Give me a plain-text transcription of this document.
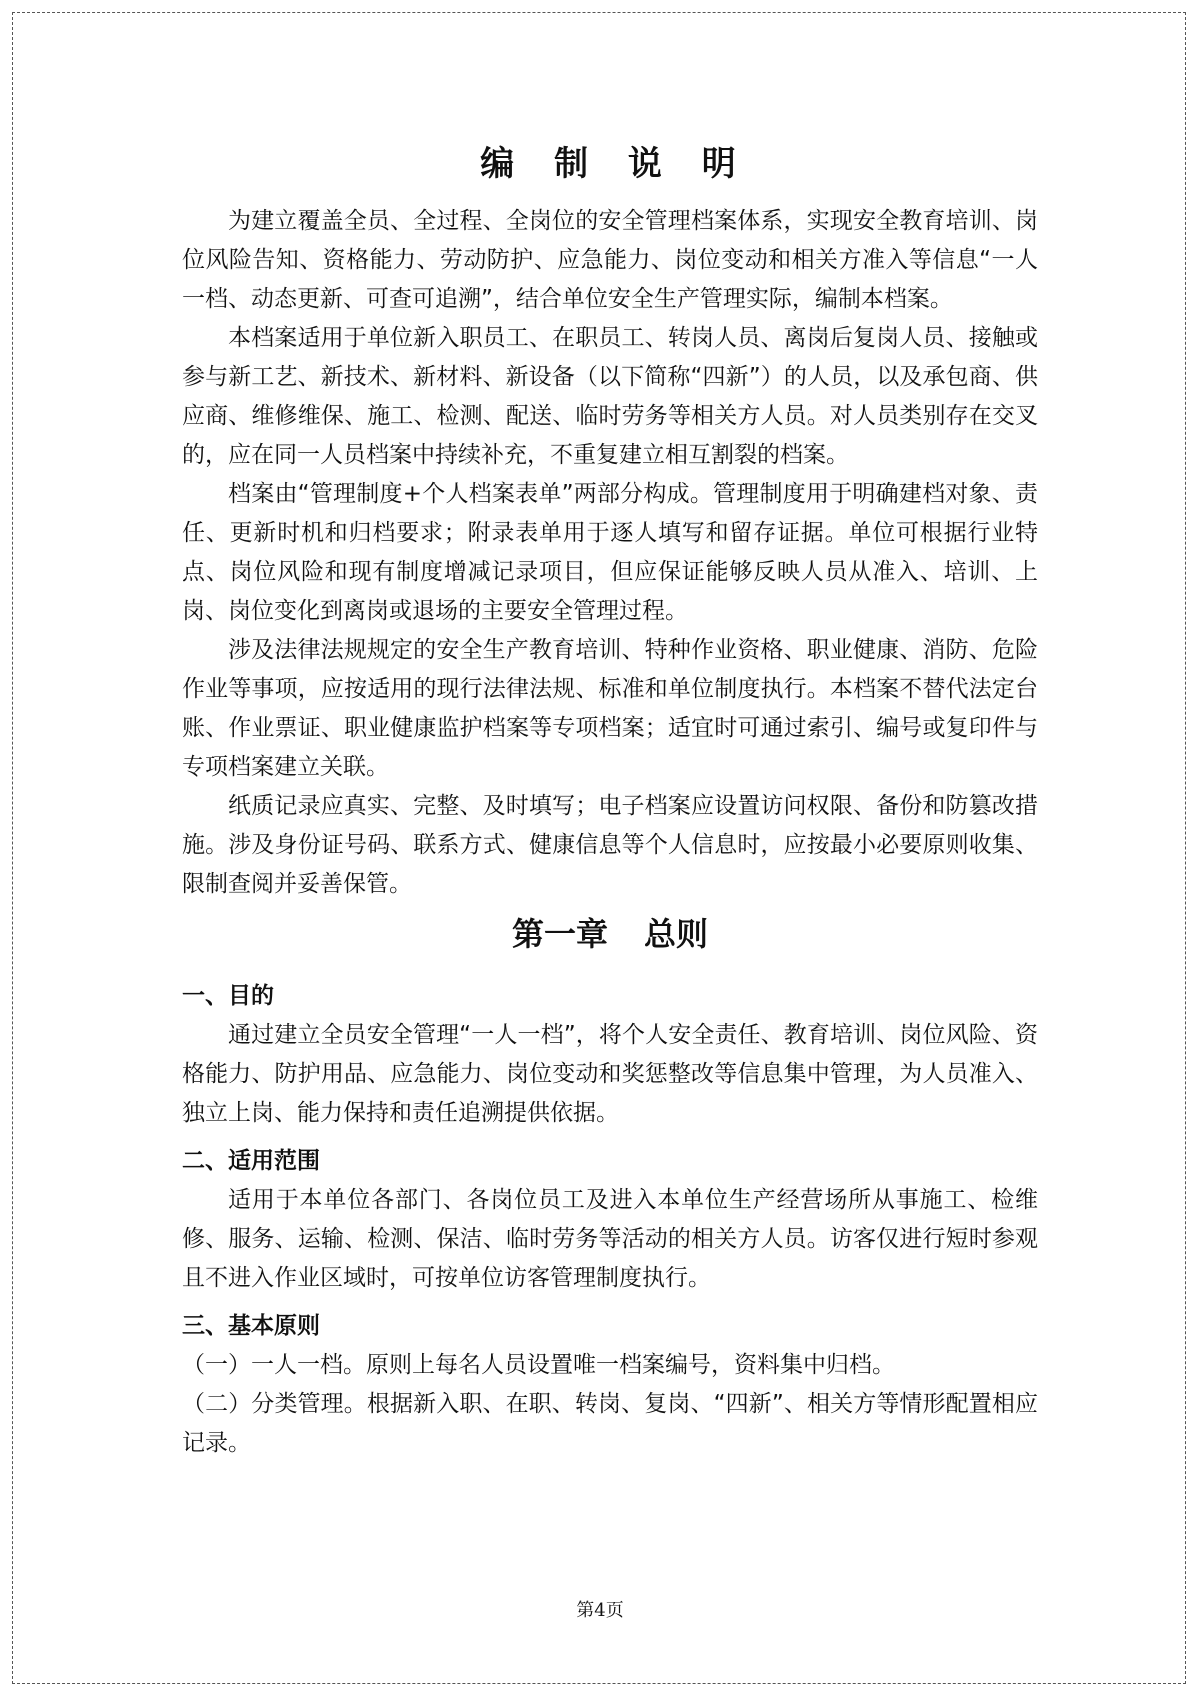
编 制 说 明

为建立覆盖全员、全过程、全岗位的安全管理档案体系，实现安全教育培训、岗位风险告知、资格能力、劳动防护、应急能力、岗位变动和相关方准入等信息“一人一档、动态更新、可查可追溯”，结合单位安全生产管理实际，编制本档案。

本档案适用于单位新入职员工、在职员工、转岗人员、离岗后复岗人员、接触或参与新工艺、新技术、新材料、新设备（以下简称“四新”）的人员，以及承包商、供应商、维修维保、施工、检测、配送、临时劳务等相关方人员。对人员类别存在交叉的，应在同一人员档案中持续补充，不重复建立相互割裂的档案。

档案由“管理制度+个人档案表单”两部分构成。管理制度用于明确建档对象、责任、更新时机和归档要求；附录表单用于逐人填写和留存证据。单位可根据行业特点、岗位风险和现有制度增减记录项目，但应保证能够反映人员从准入、培训、上岗、岗位变化到离岗或退场的主要安全管理过程。

涉及法律法规规定的安全生产教育培训、特种作业资格、职业健康、消防、危险作业等事项，应按适用的现行法律法规、标准和单位制度执行。本档案不替代法定台账、作业票证、职业健康监护档案等专项档案；适宜时可通过索引、编号或复印件与专项档案建立关联。

纸质记录应真实、完整、及时填写；电子档案应设置访问权限、备份和防篡改措施。涉及身份证号码、联系方式、健康信息等个人信息时，应按最小必要原则收集、限制查阅并妥善保管。

第一章 总则
一、目的

通过建立全员安全管理“一人一档”，将个人安全责任、教育培训、岗位风险、资格能力、防护用品、应急能力、岗位变动和奖惩整改等信息集中管理，为人员准入、独立上岗、能力保持和责任追溯提供依据。

二、适用范围

适用于本单位各部门、各岗位员工及进入本单位生产经营场所从事施工、检维修、服务、运输、检测、保洁、临时劳务等活动的相关方人员。访客仅进行短时参观且不进入作业区域时，可按单位访客管理制度执行。

三、基本原则

（一）一人一档。原则上每名人员设置唯一档案编号，资料集中归档。

（二）分类管理。根据新入职、在职、转岗、复岗、“四新”、相关方等情形配置相应记录。

第4页
